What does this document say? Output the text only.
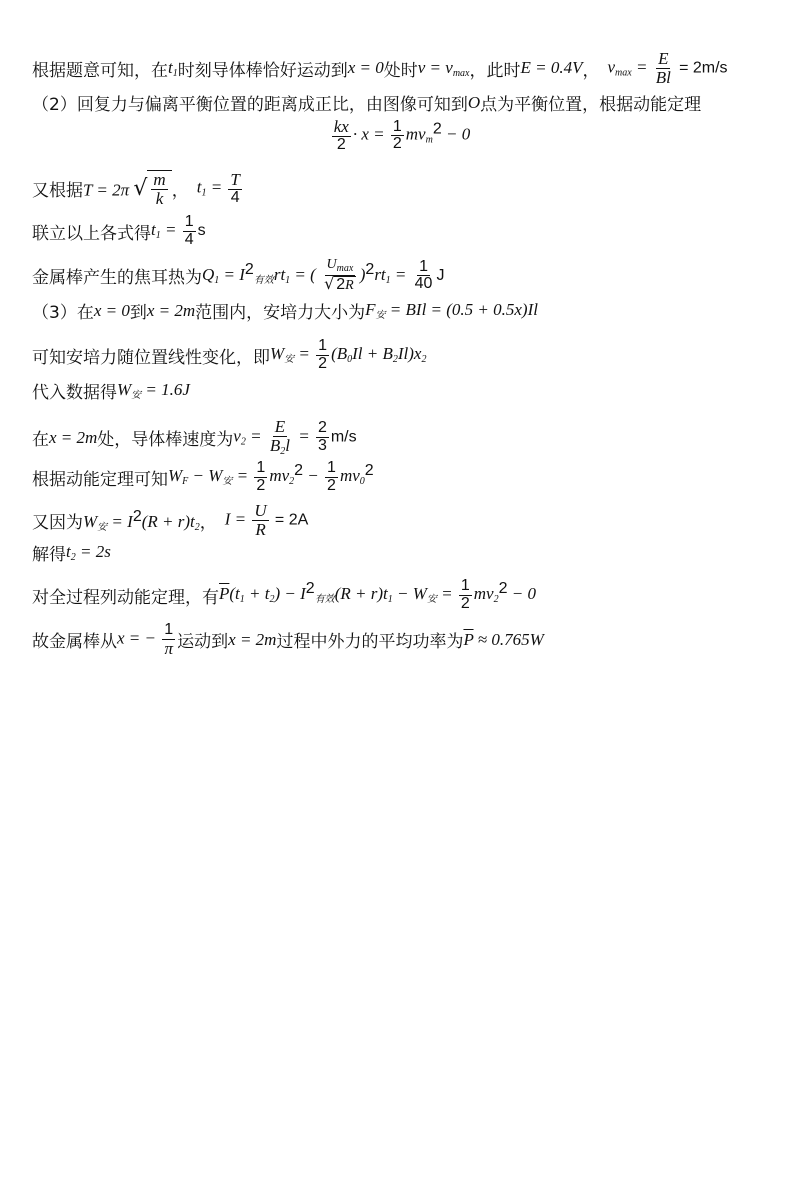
根据题意可知，在 $t_1$ 时刻导体棒恰好运动到 x = 0 处时 $v = v_{max}$ ，此时 E = 0.4V ， $v_{max} = \frac{E}{Bl} = 2m/s$
（2）回复力与偏离平衡位置的距离成正比，由图像可知到 O 点为平衡位置，根据动能定理
$\frac{kx}{2} \cdot x = \frac{1}{2} mv_m^2 - 0$
又根据 T = 2π √ $\frac{m}{k}$ ， $t_1 = \frac{T}{4}$
联立以上各式得 $t_1 = \frac{1}{4}$ s
金属棒产生的焦耳热为 $Q_1 = I^2_{有效}rt_1$ = ( $\frac{U_{max}}{√ 2R} )^2rt_1 = \frac{1}{40}$ J
（3）在 x = 0 到 x = 2m 范围内，安培力大小为 $F_安$ = BIl = (0.5 + 0.5x)Il
可知安培力随位置线性变化，即 $W_安 = \frac{1}{2} (B_0Il + B_2Il)x_2$
代入数据得 $W_安 = 1.6J$
在 x = 2m 处，导体棒速度为 $v_2 = \frac{E}{B_2l} = \frac{2}{3} m/s$
根据动能定理可知 $W_F - W_安 = \frac{1}{2} mv_2^2 - \frac{1}{2} mv_0^2$
又因为 $W_安 = I^2(R + r)t_2$ ， $I = \frac{U}{R} = 2A$
解得 $t_2 = 2s$
对全过程列动能定理，有 $\overline{P}(t_1 + t_2) - I^2_{有效}(R + r)t_1 - W_安 = \frac{1}{2} mv_2^2 - 0$
故金属棒从 x = − $\frac{1}{\pi}$ 运动到 x = 2m 过程中外力的平均功率为 $\overline{P} \approx 0.765W$
